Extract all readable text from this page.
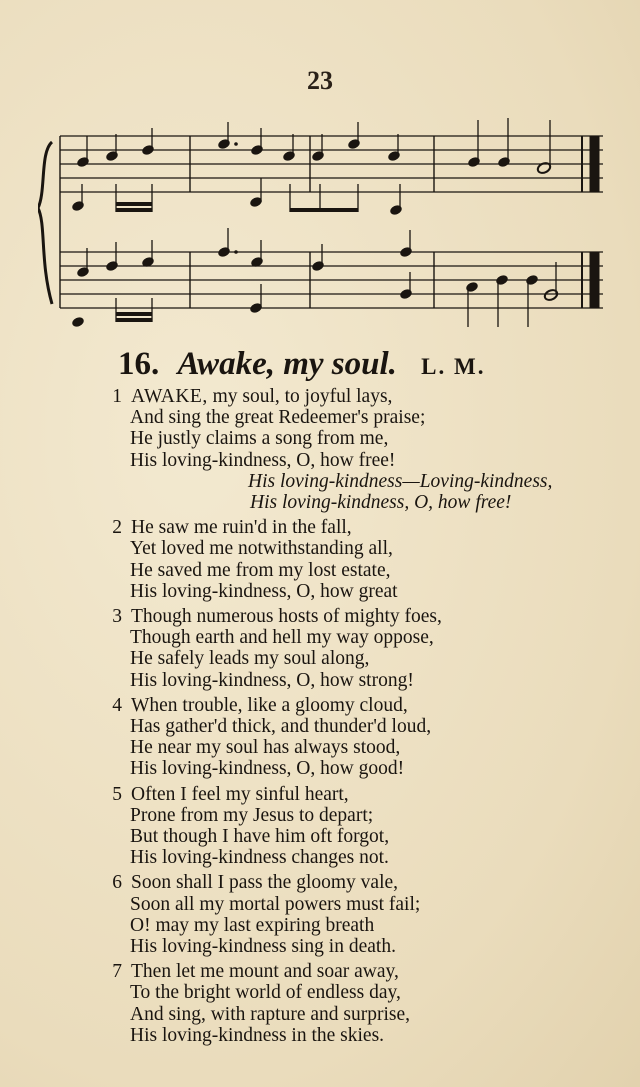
23
16. Awake, my soul. L. M.
1 AWAKE, my soul, to joyful lays,
And sing the great Redeemer's praise;
He justly claims a song from me,
His loving-kindness, O, how free!
His loving-kindness—Loving-kindness,
His loving-kindness, O, how free!
2 He saw me ruin'd in the fall,
Yet loved me notwithstanding all,
He saved me from my lost estate,
His loving-kindness, O, how great
3 Though numerous hosts of mighty foes,
Though earth and hell my way oppose,
He safely leads my soul along,
His loving-kindness, O, how strong!
4 When trouble, like a gloomy cloud,
Has gather'd thick, and thunder'd loud,
He near my soul has always stood,
His loving-kindness, O, how good!
5 Often I feel my sinful heart,
Prone from my Jesus to depart;
But though I have him oft forgot,
His loving-kindness changes not.
6 Soon shall I pass the gloomy vale,
Soon all my mortal powers must fail;
O! may my last expiring breath
His loving-kindness sing in death.
7 Then let me mount and soar away,
To the bright world of endless day,
And sing, with rapture and surprise,
His loving-kindness in the skies.
